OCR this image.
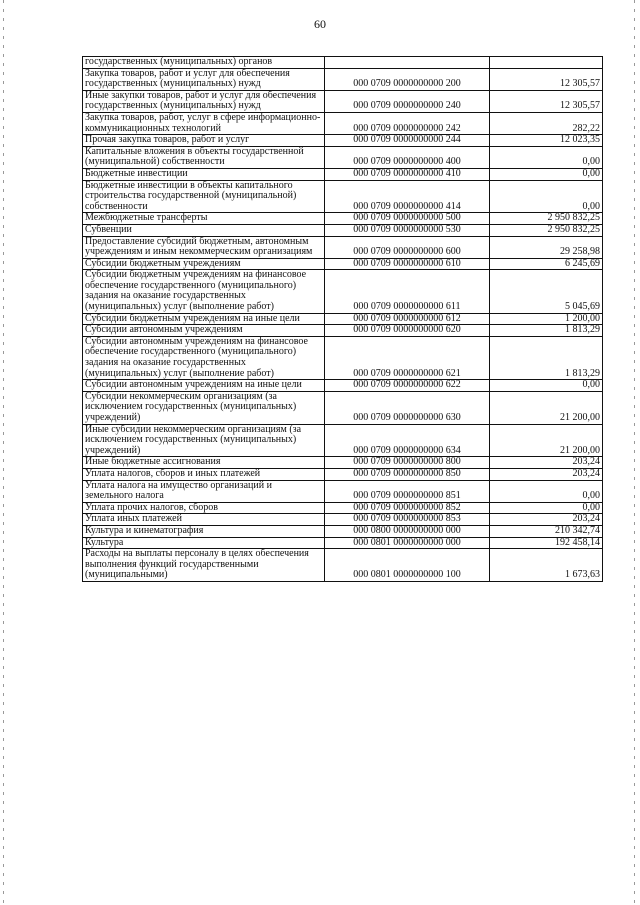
60
государственных (муниципальных) органов		
Закупка товаров, работ и услуг для обеспечения государственных (муниципальных) нужд	000 0709 0000000000 200	12 305,57
Иные закупки товаров, работ и услуг для обеспечения государственных (муниципальных) нужд	000 0709 0000000000 240	12 305,57
Закупка товаров, работ, услуг в сфере информационно-коммуникационных технологий	000 0709 0000000000 242	282,22
Прочая закупка товаров, работ и услуг	000 0709 0000000000 244	12 023,35
Капитальные вложения в объекты государственной (муниципальной) собственности	000 0709 0000000000 400	0,00
Бюджетные инвестиции	000 0709 0000000000 410	0,00
Бюджетные инвестиции в объекты капитального строительства государственной (муниципальной) собственности	000 0709 0000000000 414	0,00
Межбюджетные трансферты	000 0709 0000000000 500	2 950 832,25
Субвенции	000 0709 0000000000 530	2 950 832,25
Предоставление субсидий бюджетным, автономным учреждениям и иным некоммерческим организациям	000 0709 0000000000 600	29 258,98
Субсидии бюджетным учреждениям	000 0709 0000000000 610	6 245,69
Субсидии бюджетным учреждениям на финансовое обеспечение государственного (муниципального) задания на оказание государственных (муниципальных) услуг (выполнение работ)	000 0709 0000000000 611	5 045,69
Субсидии бюджетным учреждениям на иные цели	000 0709 0000000000 612	1 200,00
Субсидии автономным учреждениям	000 0709 0000000000 620	1 813,29
Субсидии автономным учреждениям на финансовое обеспечение государственного (муниципального) задания на оказание государственных (муниципальных) услуг (выполнение работ)	000 0709 0000000000 621	1 813,29
Субсидии автономным учреждениям на иные цели	000 0709 0000000000 622	0,00
Субсидии некоммерческим организациям (за исключением государственных (муниципальных) учреждений)	000 0709 0000000000 630	21 200,00
Иные субсидии некоммерческим организациям (за исключением государственных (муниципальных) учреждений)	000 0709 0000000000 634	21 200,00
Иные бюджетные ассигнования	000 0709 0000000000 800	203,24
Уплата налогов, сборов и иных платежей	000 0709 0000000000 850	203,24
Уплата налога на имущество организаций и земельного налога	000 0709 0000000000 851	0,00
Уплата прочих налогов, сборов	000 0709 0000000000 852	0,00
Уплата иных платежей	000 0709 0000000000 853	203,24
Культура и кинематография	000 0800 0000000000 000	210 342,74
Культура	000 0801 0000000000 000	192 458,14
Расходы на выплаты персоналу в целях обеспечения выполнения функций государственными (муниципальными)	000 0801 0000000000 100	1 673,63
